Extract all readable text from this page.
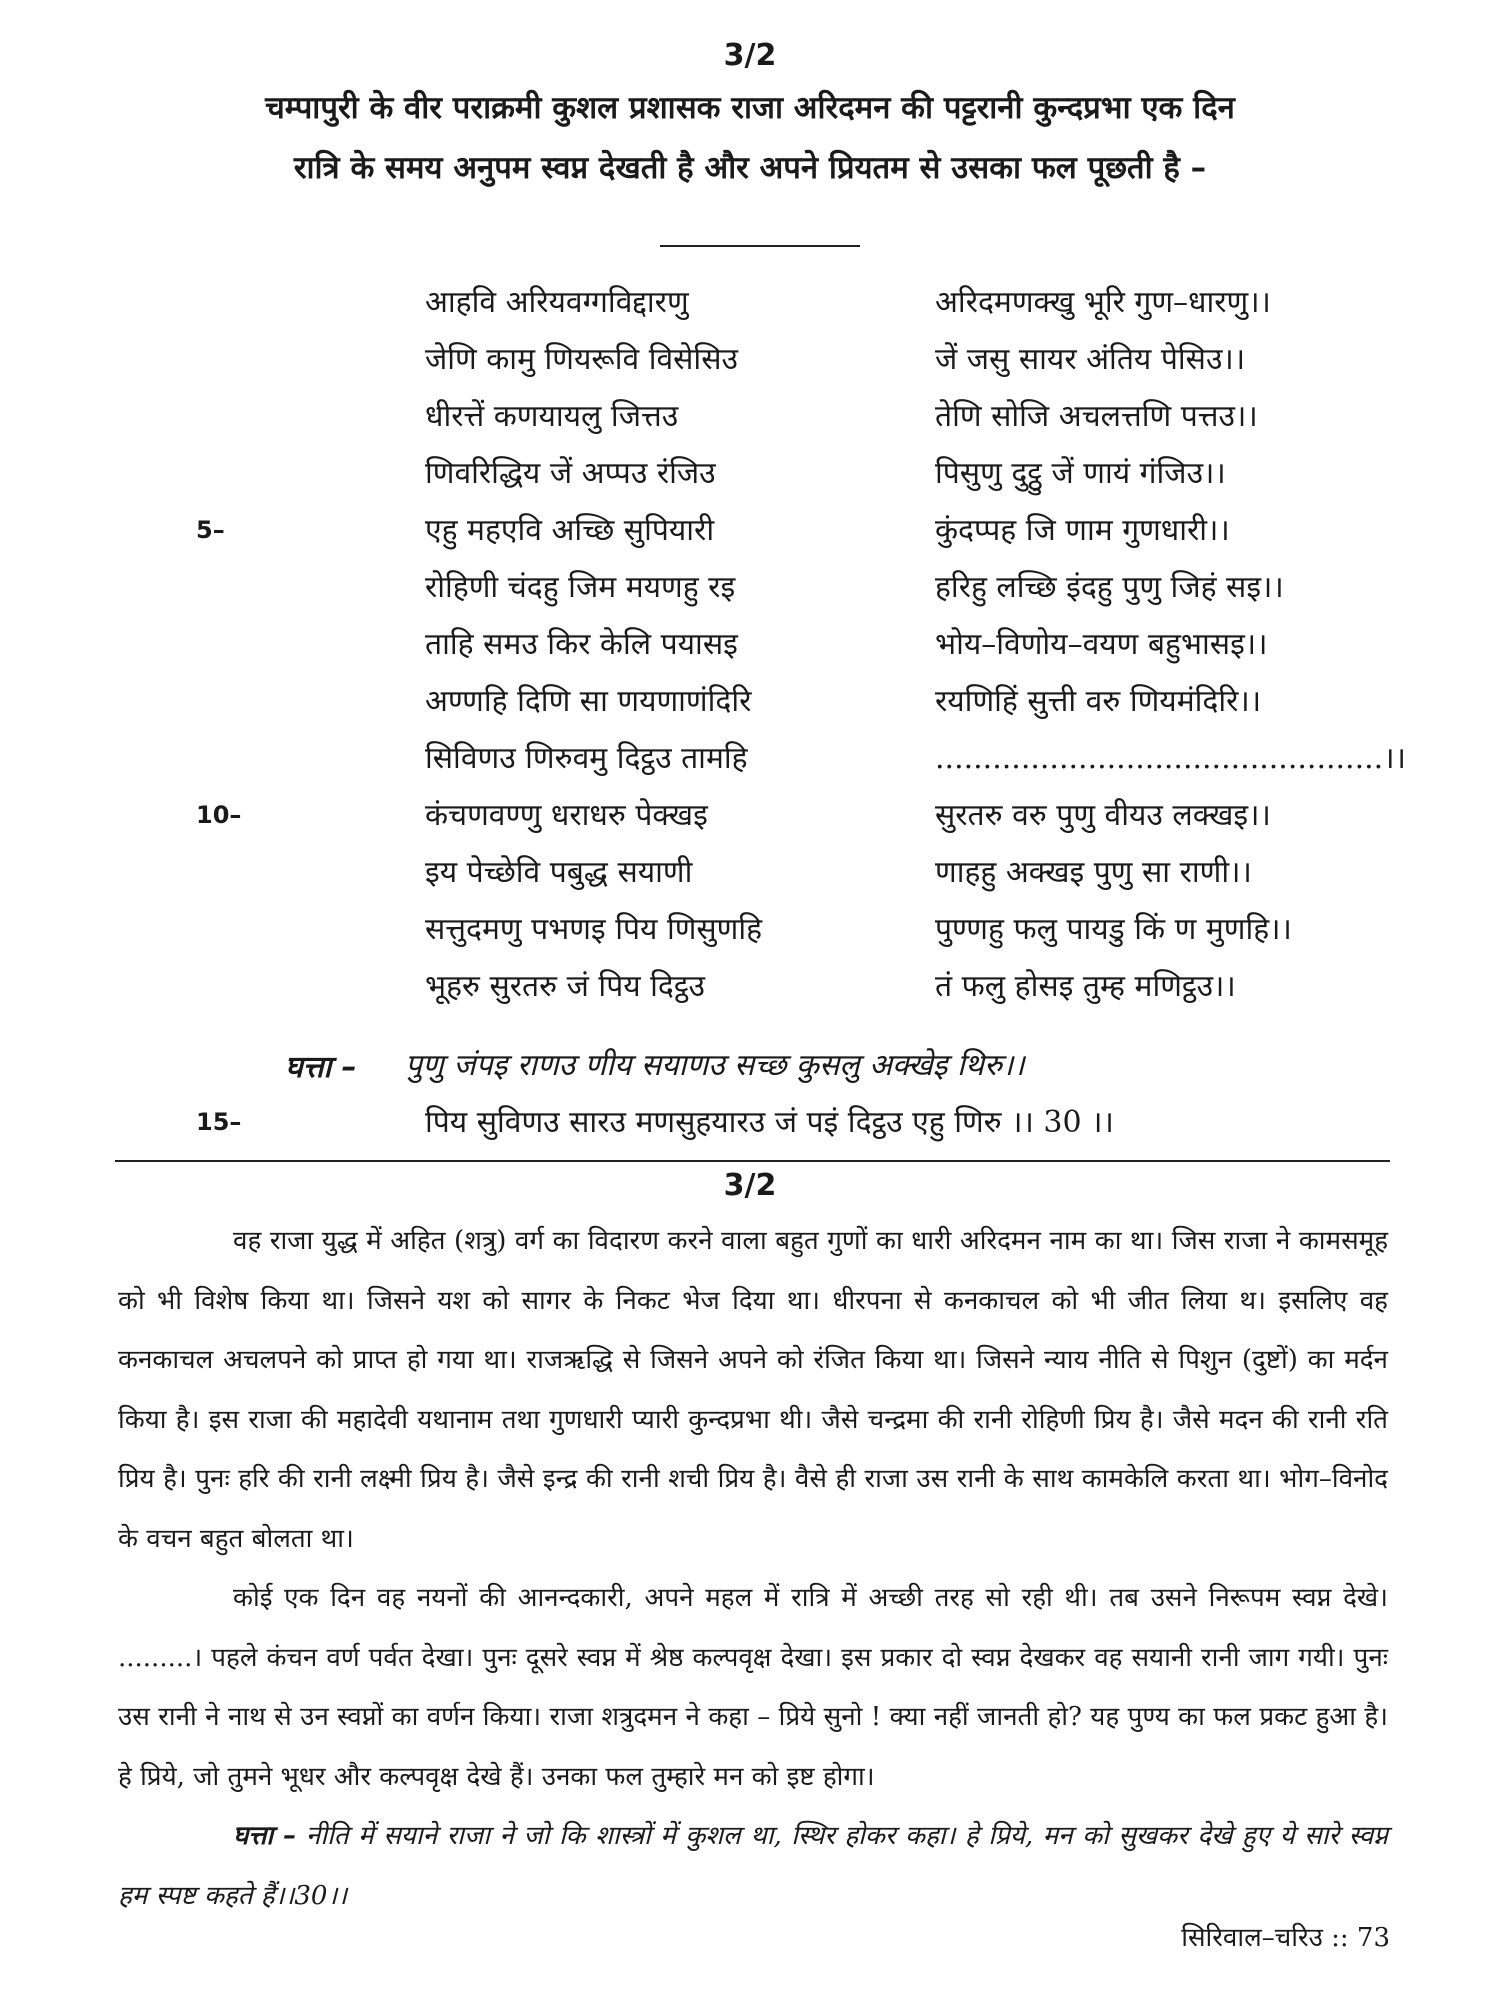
3/2
चम्पापुरी के वीर पराक्रमी कुशल प्रशासक राजा अरिदमन की पट्टरानी कुन्दप्रभा एक दिन
रात्रि के समय अनुपम स्वप्न देखती है और अपने प्रियतम से उसका फल पूछती है –
आहवि अरियवग्गविद्दारणु	अरिदमणक्खु भूरि गुण–धारणु।।
जेणि कामु णियरूवि विसेसिउ	जें जसु सायर अंतिय पेसिउ।।
धीरत्तें कणयायलु जित्तउ	तेणि सोजि अचलत्तणि पत्तउ।।
णिवरिद्धिय जें अप्पउ रंजिउ	पिसुणु दुट्ठु जें णायं गंजिउ।।
5–	एहु महएवि अच्छि सुपियारी	कुंदप्पह जि णाम गुणधारी।।
रोहिणी चंदहु जिम मयणहु रइ	हरिहु लच्छि इंदहु पुणु जिहं सइ।।
ताहि समउ किर केलि पयासइ	भोय–विणोय–वयण बहुभासइ।।
अण्णहि दिणि सा णयणाणंदिरि	रयणिहिं सुत्ती वरु णियमंदिरि।।
सिविणउ णिरुवमु दिट्ठउ तामहि	...............................................।।
10–	कंचणवण्णु धराधरु पेक्खइ	सुरतरु वरु पुणु वीयउ लक्खइ।।
इय पेच्छेवि पबुद्ध सयाणी	णाहहु अक्खइ पुणु सा राणी।।
सत्तुदमणु पभणइ पिय णिसुणहि	पुण्णहु फलु पायडु किं ण मुणहि।।
भूहरु सुरतरु जं पिय दिट्ठउ	तं फलु होसइ तुम्ह मणिट्ठउ।।
घत्ता – पुणु जंपइ राणउ णीय सयाणउ सच्छ कुसलु अक्खेइ थिरु।।
15–	पिय सुविणउ सारउ मणसुहयारउ जं पइं दिट्ठउ एहु णिरु ।। 30 ।।
3/2

वह राजा युद्ध में अहित (शत्रु) वर्ग का विदारण करने वाला बहुत गुणों का धारी अरिदमन नाम का था। जिस राजा ने कामसमूह को भी विशेष किया था। जिसने यश को सागर के निकट भेज दिया था। धीरपना से कनकाचल को भी जीत लिया थ। इसलिए वह कनकाचल अचलपने को प्राप्त हो गया था। राजऋद्धि से जिसने अपने को रंजित किया था। जिसने न्याय नीति से पिशुन (दुष्टों) का मर्दन किया है। इस राजा की महादेवी यथानाम तथा गुणधारी प्यारी कुन्दप्रभा थी। जैसे चन्द्रमा की रानी रोहिणी प्रिय है। जैसे मदन की रानी रति प्रिय है। पुनः हरि की रानी लक्ष्मी प्रिय है। जैसे इन्द्र की रानी शची प्रिय है। वैसे ही राजा उस रानी के साथ कामकेलि करता था। भोग–विनोद के वचन बहुत बोलता था।

कोई एक दिन वह नयनों की आनन्दकारी, अपने महल में रात्रि में अच्छी तरह सो रही थी। तब उसने निरूपम स्वप्न देखे। .........। पहले कंचन वर्ण पर्वत देखा। पुनः दूसरे स्वप्न में श्रेष्ठ कल्पवृक्ष देखा। इस प्रकार दो स्वप्न देखकर वह सयानी रानी जाग गयी। पुनः उस रानी ने नाथ से उन स्वप्नों का वर्णन किया। राजा शत्रुदमन ने कहा – प्रिये सुनो ! क्या नहीं जानती हो? यह पुण्य का फल प्रकट हुआ है। हे प्रिये, जो तुमने भूधर और कल्पवृक्ष देखे हैं। उनका फल तुम्हारे मन को इष्ट होगा।

घत्ता – नीति में सयाने राजा ने जो कि शास्त्रों में कुशल था, स्थिर होकर कहा। हे प्रिये, मन को सुखकर देखे हुए ये सारे स्वप्न हम स्पष्ट कहते हैं।।30।।

सिरिवाल–चरिउ :: 73
